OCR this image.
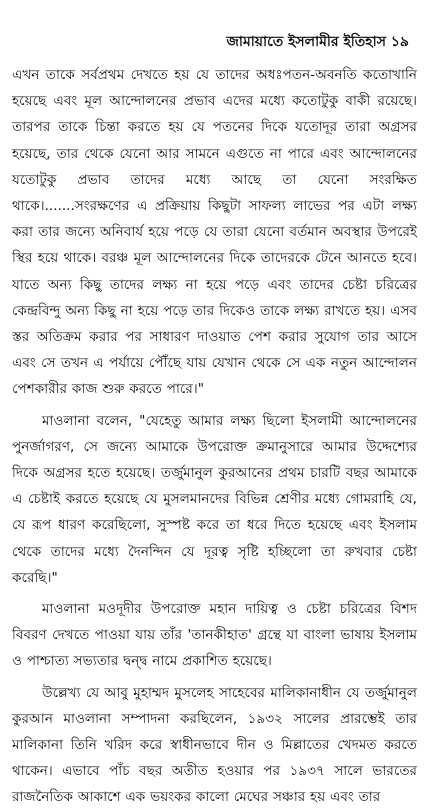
জামায়াতে ইসলামীর ইতিহাস ১৯

এখন তাকে সর্বপ্রথম দেখতে হয় যে তাদের অধঃপতন-অবনতি কতোখানি হয়েছে এবং মূল আন্দোলনের প্রভাব এদের মধ্যে কতোটুকু বাকী রয়েছে। তারপর তাকে চিন্তা করতে হয় যে পতনের দিকে যতোদূর তারা অগ্রসর হয়েছে, তার থেকে যেনো আর সামনে এগুতে না পারে এবং আন্দোলনের যতোটুকু প্রভাব তাদের মধ্যে আছে তা যেনো সংরক্ষিত থাকে।.......সংরক্ষণের এ প্রক্রিয়ায় কিছুটা সাফল্য লাভের পর এটা লক্ষ্য করা তার জন্যে অনিবার্য হয়ে পড়ে যে তারা যেনো বর্তমান অবস্থার উপরেই স্থির হয়ে থাকে। বরঞ্চ মূল আন্দোলনের দিকে তাদেরকে টেনে আনতে হবে। যাতে অন্য কিছু তাদের লক্ষ্য না হয়ে পড়ে এবং তাদের চেষ্টা চরিত্রের কেন্দ্রবিন্দু অন্য কিছু না হয়ে পড়ে তার দিকেও তাকে লক্ষ্য রাখতে হয়। এসব স্তর অতিক্রম করার পর সাধারণ দাওয়াত পেশ করার সুযোগ তার আসে এবং সে তখন এ পর্যায়ে পৌঁছে যায় যেখান থেকে সে এক নতুন আন্দোলন পেশকারীর কাজ শুরু করতে পারে।"

মাওলানা বলেন, "যেহেতু আমার লক্ষ্য ছিলো ইসলামী আন্দোলনের পুনর্জাগরণ, সে জন্যে আমাকে উপরোক্ত ক্রমানুসারে আমার উদ্দেশ্যের দিকে অগ্রসর হতে হয়েছে। তর্জুমানুল কুরআনের প্রথম চারটি বছর আমাকে এ চেষ্টাই করতে হয়েছে যে মুসলমানদের বিভিন্ন শ্রেণীর মধ্যে গোমরাহি যে, যে রূপ ধারণ করেছিলো, সুস্পষ্ট করে তা ধরে দিতে হয়েছে এবং ইসলাম থেকে তাদের মধ্যে দৈনন্দিন যে দূরত্ব সৃষ্টি হচ্ছিলো তা রুখবার চেষ্টা করেছি।"

মাওলানা মওদূদীর উপরোক্ত মহান দায়িত্ব ও চেষ্টা চরিত্রের বিশদ বিবরণ দেখতে পাওয়া যায় তাঁর 'তানকীহাত' গ্রন্থে যা বাংলা ভাষায় ইসলাম ও পাশ্চাত্য সভ্যতার দ্বন্দ্ব নামে প্রকাশিত হয়েছে।

উল্লেখ্য যে আবু মুহাম্মদ মুসলেহ সাহেবের মালিকানাধীন যে তর্জুমানুল কুরআন মাওলানা সম্পাদনা করছিলেন, ১৯৩২ সালের প্রারম্ভেই তার মালিকানা তিনি খরিদ করে স্বাধীনভাবে দীন ও মিল্লাতের খেদমত করতে থাকেন। এভাবে পাঁচ বছর অতীত হওয়ার পর ১৯৩৭ সালে ভারতের রাজনৈতিক আকাশে এক ভয়ংকর কালো মেঘের সঞ্চার হয় এবং তার
